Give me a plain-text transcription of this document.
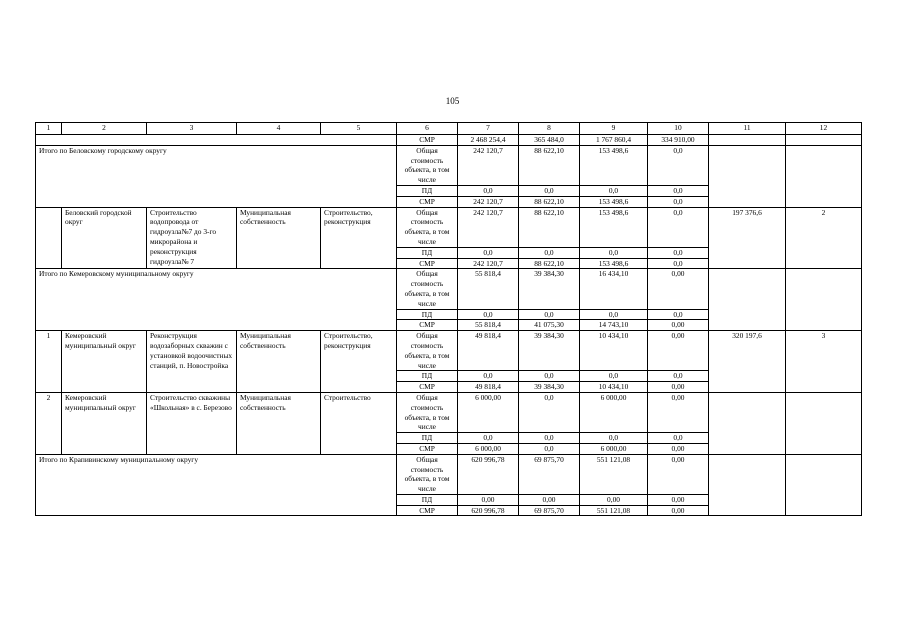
105
1	2	3	4	5	6	7	8	9	10	11	12
					СМР	2 468 254,4	365 484,0	1 767 860,4	334 910,00		
Итого по Беловскому городскому округу					Общая стоимость объекта, в том числе	242 120,7	88 622,10	153 498,6	0,0		
					ПД	0,0	0,0	0,0	0,0		
					СМР	242 120,7	88 622,10	153 498,6	0,0		
	Беловский городской округ	Строительство водопровода от гидроузла№7 до 3-го микрорайона и реконструкция гидроузла№ 7	Муниципальная собственность	Строительство, реконструкция	Общая стоимость объекта, в том числе	242 120,7	88 622,10	153 498,6	0,0	197 376,6	2
					ПД	0,0	0,0	0,0	0,0		
					СМР	242 120,7	88 622,10	153 498,6	0,0		
Итого по Кемеровскому муниципальному округу					Общая стоимость объекта, в том числе	55 818,4	39 384,30	16 434,10	0,00		
					ПД	0,0	0,0	0,0	0,0		
					СМР	55 818,4	41 075,30	14 743,10	0,00		
1	Кемеровский муниципальный округ	Реконструкция водозаборных скважин с установкой водоочистных станций, п. Новостройка	Муниципальная собственность	Строительство, реконструкция	Общая стоимость объекта, в том числе	49 818,4	39 384,30	10 434,10	0,00	320 197,6	3
					ПД	0,0	0,0	0,0	0,0		
					СМР	49 818,4	39 384,30	10 434,10	0,00		
2	Кемеровский муниципальный округ	Строительство скважины «Школьная» в с. Березово	Муниципальная собственность	Строительство	Общая стоимость объекта, в том числе	6 000,00	0,0	6 000,00	0,00		
					ПД	0,0	0,0	0,0	0,0		
					СМР	6 000,00	0,0	6 000,00	0,00		
Итого по Крапивинскому муниципальному округу					Общая стоимость объекта, в том числе	620 996,78	69 875,70	551 121,08	0,00		
					ПД	0,00	0,00	0,00	0,00		
					СМР	620 996,78	69 875,70	551 121,08	0,00		
